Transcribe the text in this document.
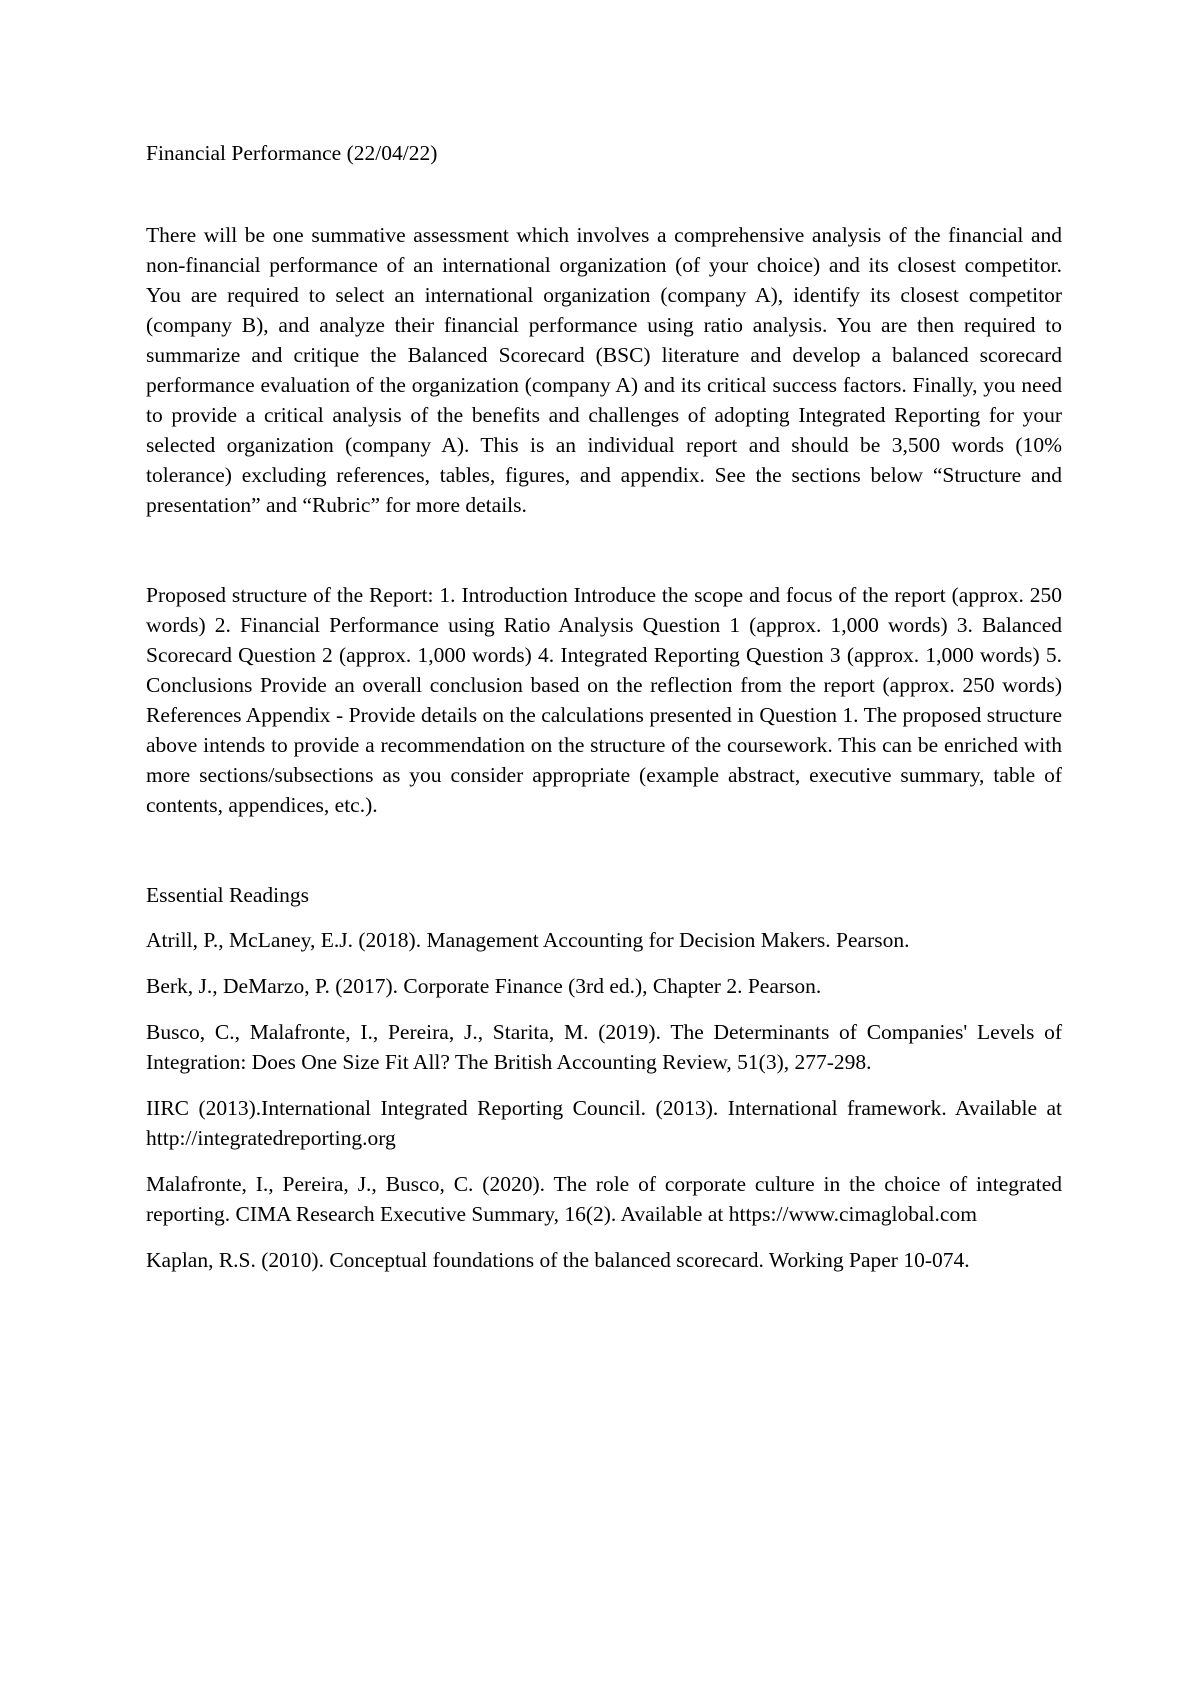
Financial Performance (22/04/22)

There will be one summative assessment which involves a comprehensive analysis of the financial and non-financial performance of an international organization (of your choice) and its closest competitor. You are required to select an international organization (company A), identify its closest competitor (company B), and analyze their financial performance using ratio analysis. You are then required to summarize and critique the Balanced Scorecard (BSC) literature and develop a balanced scorecard performance evaluation of the organization (company A) and its critical success factors. Finally, you need to provide a critical analysis of the benefits and challenges of adopting Integrated Reporting for your selected organization (company A). This is an individual report and should be 3,500 words (10% tolerance) excluding references, tables, figures, and appendix. See the sections below “Structure and presentation” and “Rubric” for more details.

Proposed structure of the Report: 1. Introduction Introduce the scope and focus of the report (approx. 250 words) 2. Financial Performance using Ratio Analysis Question 1 (approx. 1,000 words) 3. Balanced Scorecard Question 2 (approx. 1,000 words) 4. Integrated Reporting Question 3 (approx. 1,000 words) 5. Conclusions Provide an overall conclusion based on the reflection from the report (approx. 250 words) References Appendix - Provide details on the calculations presented in Question 1. The proposed structure above intends to provide a recommendation on the structure of the coursework. This can be enriched with more sections/subsections as you consider appropriate (example abstract, executive summary, table of contents, appendices, etc.).

Essential Readings

Atrill, P., McLaney, E.J. (2018). Management Accounting for Decision Makers. Pearson.

Berk, J., DeMarzo, P. (2017). Corporate Finance (3rd ed.), Chapter 2. Pearson.

Busco, C., Malafronte, I., Pereira, J., Starita, M. (2019). The Determinants of Companies' Levels of Integration: Does One Size Fit All? The British Accounting Review, 51(3), 277-298.

IIRC (2013).International Integrated Reporting Council. (2013). International framework. Available at http://integratedreporting.org

Malafronte, I., Pereira, J., Busco, C. (2020). The role of corporate culture in the choice of integrated reporting. CIMA Research Executive Summary, 16(2). Available at https://www.cimaglobal.com

Kaplan, R.S. (2010). Conceptual foundations of the balanced scorecard. Working Paper 10-074.
